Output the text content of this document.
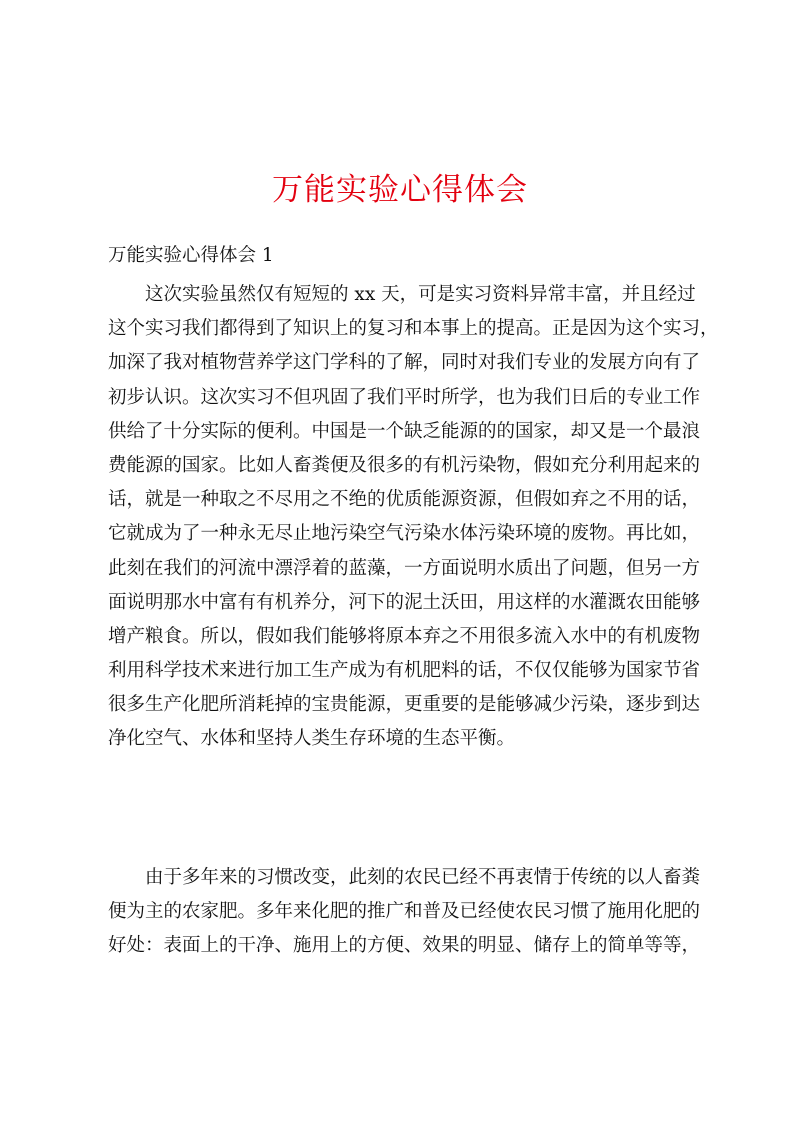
万能实验心得体会

万能实验心得体会 1

这次实验虽然仅有短短的 xx 天，可是实习资料异常丰富，并且经过
这个实习我们都得到了知识上的复习和本事上的提高。正是因为这个实习，
加深了我对植物营养学这门学科的了解，同时对我们专业的发展方向有了
初步认识。这次实习不但巩固了我们平时所学，也为我们日后的专业工作
供给了十分实际的便利。中国是一个缺乏能源的的国家，却又是一个最浪
费能源的国家。比如人畜粪便及很多的有机污染物，假如充分利用起来的
话，就是一种取之不尽用之不绝的优质能源资源，但假如弃之不用的话，
它就成为了一种永无尽止地污染空气污染水体污染环境的废物。再比如，
此刻在我们的河流中漂浮着的蓝藻，一方面说明水质出了问题，但另一方
面说明那水中富有有机养分，河下的泥土沃田，用这样的水灌溉农田能够
增产粮食。所以，假如我们能够将原本弃之不用很多流入水中的有机废物
利用科学技术来进行加工生产成为有机肥料的话，不仅仅能够为国家节省
很多生产化肥所消耗掉的宝贵能源，更重要的是能够减少污染，逐步到达
净化空气、水体和坚持人类生存环境的生态平衡。
由于多年来的习惯改变，此刻的农民已经不再衷情于传统的以人畜粪
便为主的农家肥。多年来化肥的推广和普及已经使农民习惯了施用化肥的
好处：表面上的干净、施用上的方便、效果的明显、储存上的简单等等，
